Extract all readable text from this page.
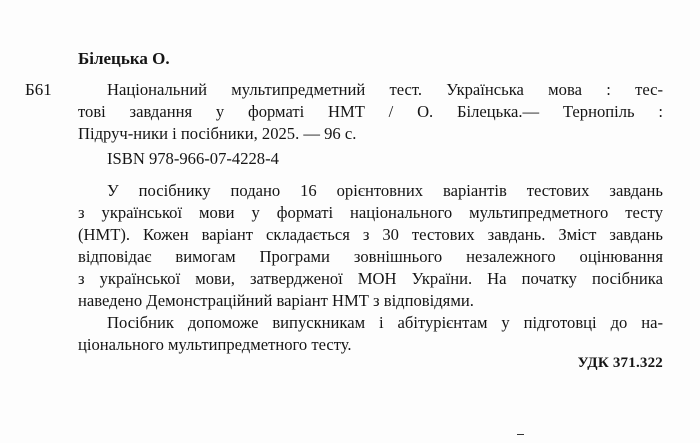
Білецька О.
Б61	Національний мультипредметний тест. Українська мова : тес-
тові завдання у форматі НМТ / О. Білецька.— Тернопіль :
Підруч-ники і посібники, 2025. — 96 с.
ISBN 978-966-07-4228-4
У посібнику подано 16 орієнтовних варіантів тестових завдань
з української мови у форматі національного мультипредметного тесту
(НМТ). Кожен варіант складається з 30 тестових завдань. Зміст завдань
відповідає вимогам Програми зовнішнього незалежного оцінювання
з української мови, затвердженої МОН України. На початку посібника
наведено Демонстраційний варіант НМТ з відповідями.
Посібник допоможе випускникам і абітурієнтам у підготовці до на-
ціонального мультипредметного тесту.
УДК 371.322
